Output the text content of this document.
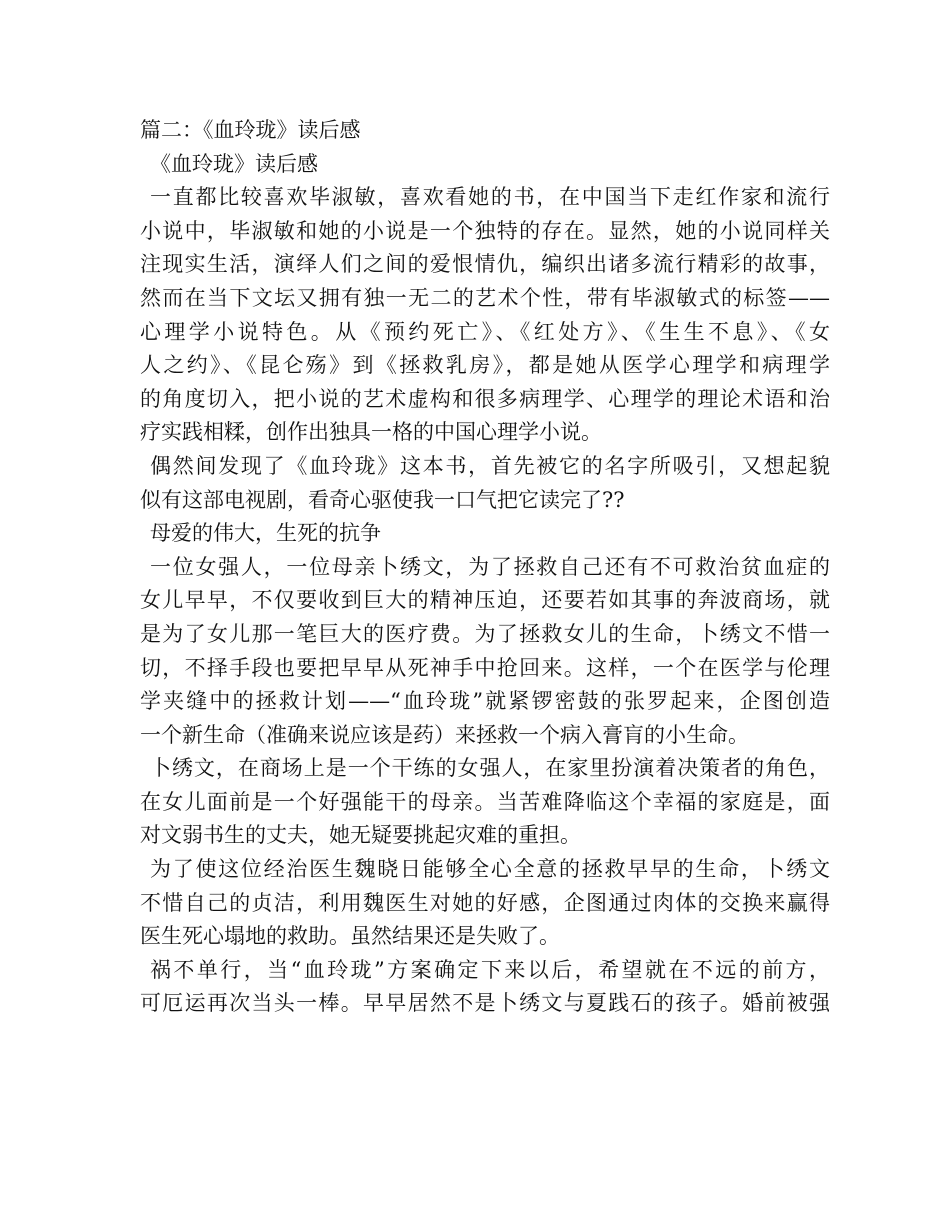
篇二：《血玲珑》读后感
《血玲珑》读后感
一直都比较喜欢毕淑敏，喜欢看她的书，在中国当下走红作家和流行
小说中，毕淑敏和她的小说是一个独特的存在。显然，她的小说同样关
注现实生活，演绎人们之间的爱恨情仇，编织出诸多流行精彩的故事，
然而在当下文坛又拥有独一无二的艺术个性，带有毕淑敏式的标签——
心理学小说特色。从《预约死亡》、《红处方》、《生生不息》、《女
人之约》、《昆仑殇》到《拯救乳房》，都是她从医学心理学和病理学
的角度切入，把小说的艺术虚构和很多病理学、心理学的理论术语和治
疗实践相糅，创作出独具一格的中国心理学小说。
偶然间发现了《血玲珑》这本书，首先被它的名字所吸引，又想起貌
似有这部电视剧，看奇心驱使我一口气把它读完了??
母爱的伟大，生死的抗争
一位女强人，一位母亲卜绣文，为了拯救自己还有不可救治贫血症的
女儿早早，不仅要收到巨大的精神压迫，还要若如其事的奔波商场，就
是为了女儿那一笔巨大的医疗费。为了拯救女儿的生命，卜绣文不惜一
切，不择手段也要把早早从死神手中抢回来。这样，一个在医学与伦理
学夹缝中的拯救计划——“血玲珑”就紧锣密鼓的张罗起来，企图创造
一个新生命（准确来说应该是药）来拯救一个病入膏肓的小生命。
卜绣文，在商场上是一个干练的女强人，在家里扮演着决策者的角色，
在女儿面前是一个好强能干的母亲。当苦难降临这个幸福的家庭是，面
对文弱书生的丈夫，她无疑要挑起灾难的重担。
为了使这位经治医生魏晓日能够全心全意的拯救早早的生命，卜绣文
不惜自己的贞洁，利用魏医生对她的好感，企图通过肉体的交换来赢得
医生死心塌地的救助。虽然结果还是失败了。
祸不单行，当“血玲珑”方案确定下来以后，希望就在不远的前方，
可厄运再次当头一棒。早早居然不是卜绣文与夏践石的孩子。婚前被强
